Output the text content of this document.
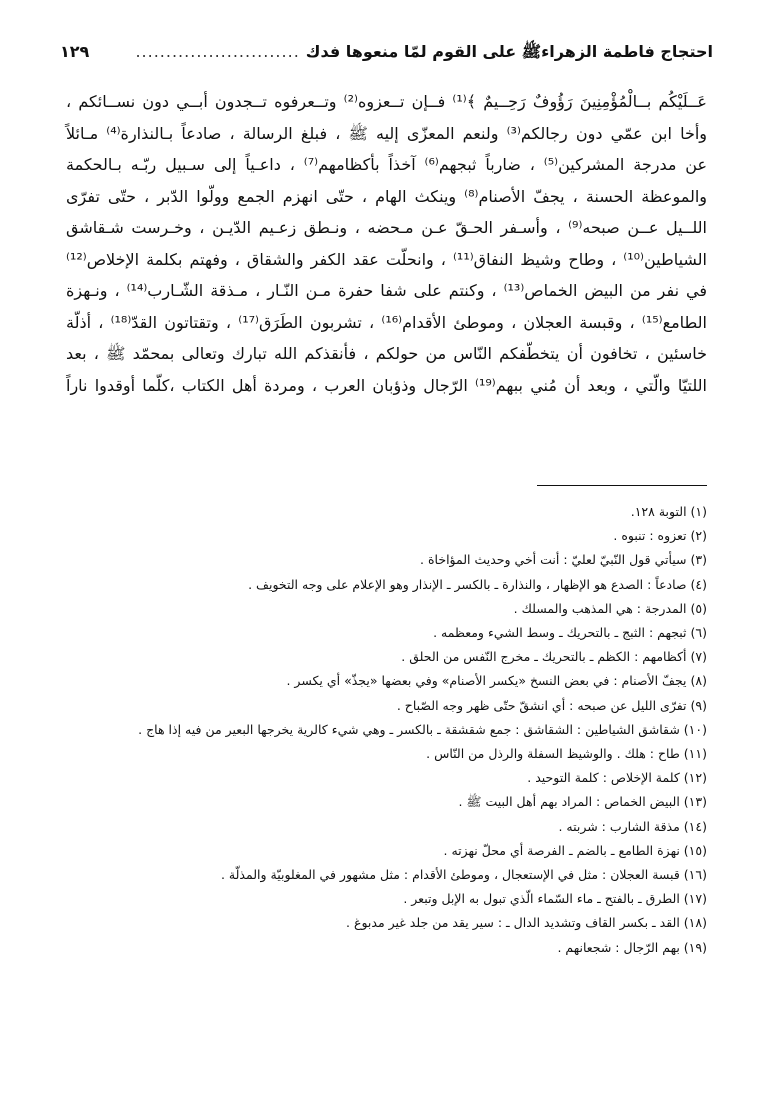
احتجاج فاطمة الزهراء‏ﷺ على القوم لمّا منعوها فدك
...........................
١٢٩
عَــلَيْكُم بــالْمُؤْمِنِينَ رَؤُوفٌ رَحِــيمٌ ﴾⁽¹⁾ فــإن تــعزوه⁽²⁾ وتــعرفوه تــجدون أبــي دون نســائكم ،
وأخا ابن عمّي دون رجالكم⁽³⁾ ولنعم المعزّى إليه ﷺ ، فبلغ الرسالة ، صادعاً بـالنذارة⁽⁴⁾ مـائلاً
عن مدرجة المشركين⁽⁵⁾ ، ضارباً ثبجهم⁽⁶⁾ آخذاً بأكظامهم⁽⁷⁾ ، داعـياً إلى سـبيل ربّـه بـالحكمة
والموعظة الحسنة ، يجفّ الأصنام⁽⁸⁾ وينكث الهام ، حتّى انهزم الجمع وولّوا الدّبر ، حتّى تفرّى
اللــيل عــن صبحه⁽⁹⁾ ، وأسـفر الحـقّ عـن مـحضه ، ونـطق زعـيم الدّيـن ، وخـرست شـقاشق
الشياطين⁽¹⁰⁾ ، وطاح وشيظ النفاق⁽¹¹⁾ ، وانحلّت عقد الكفر والشقاق ، وفهتم بكلمة الإخلاص⁽¹²⁾
في نفر من البيض الخماص⁽¹³⁾ ، وكنتم على شفا حفرة مـن النّـار ، مـذقة الشّـارب⁽¹⁴⁾ ، ونـهزة
الطامع⁽¹⁵⁾ ، وقبسة العجلان ، وموطئ الأقدام⁽¹⁶⁾ ، تشربون الطَرَق⁽¹⁷⁾ ، وتقتاتون القدّ⁽¹⁸⁾ ، أذلّة
خاسئين ، تخافون أن يتخطّفكم النّاس من حولكم ، فأنقذكم الله تبارك وتعالى بمحمّد ﷺ ، بعد
اللتيّا والّتي ، وبعد أن مُني ببهم⁽¹⁹⁾ الرّجال وذؤبان العرب ، ومردة أهل الكتاب ،كلّما أوقدوا ناراً
(١) التوبة ١٢٨.
(٢) تعزوه : تنبوه .
(٣) سيأتي قول النّبيّ لعليّ : أنت أخي وحديث المؤاخاة .
(٤) صادعاً : الصدع هو الإظهار ، والنذارة ـ بالكسر ـ الإنذار وهو الإعلام على وجه التخويف .
(٥) المدرجة : هي المذهب والمسلك .
(٦) ثبجهم : الثبج ـ بالتحريك ـ وسط الشيء ومعظمه .
(٧) أكظامهم : الكظم ـ بالتحريك ـ مخرج النّفس من الحلق .
(٨) يجفّ الأصنام : في بعض النسخ «يكسر الأصنام» وفي بعضها «يجذّ» أي يكسر .
(٩) تفرّى الليل عن صبحه : أي انشقّ حتّى ظهر وجه الصّباح .
(١٠) شقاشق الشياطين : الشقاشق : جمع شقشقة ـ بالكسر ـ وهي شيء كالرية يخرجها البعير من فيه إذا هاج .
(١١) طاح : هلك . والوشيظ السفلة والرذل من النّاس .
(١٢) كلمة الإخلاص : كلمة التوحيد .
(١٣) البيض الخماص : المراد بهم أهل البيت ﷺ .
(١٤) مذقة الشارب : شربته .
(١٥) نهزة الطامع ـ بالضم ـ الفرصة أي محلّ نهزته .
(١٦) قبسة العجلان : مثل في الإستعجال ، وموطئ الأقدام : مثل مشهور في المغلوبيّة والمذلّة .
(١٧) الطرق ـ بالفتح ـ ماء السّماء الّذي تبول به الإبل وتبعر .
(١٨) القد ـ بكسر القاف وتشديد الدال ـ : سير يقد من جلد غير مدبوغ .
(١٩) بهم الرّجال : شجعانهم .
